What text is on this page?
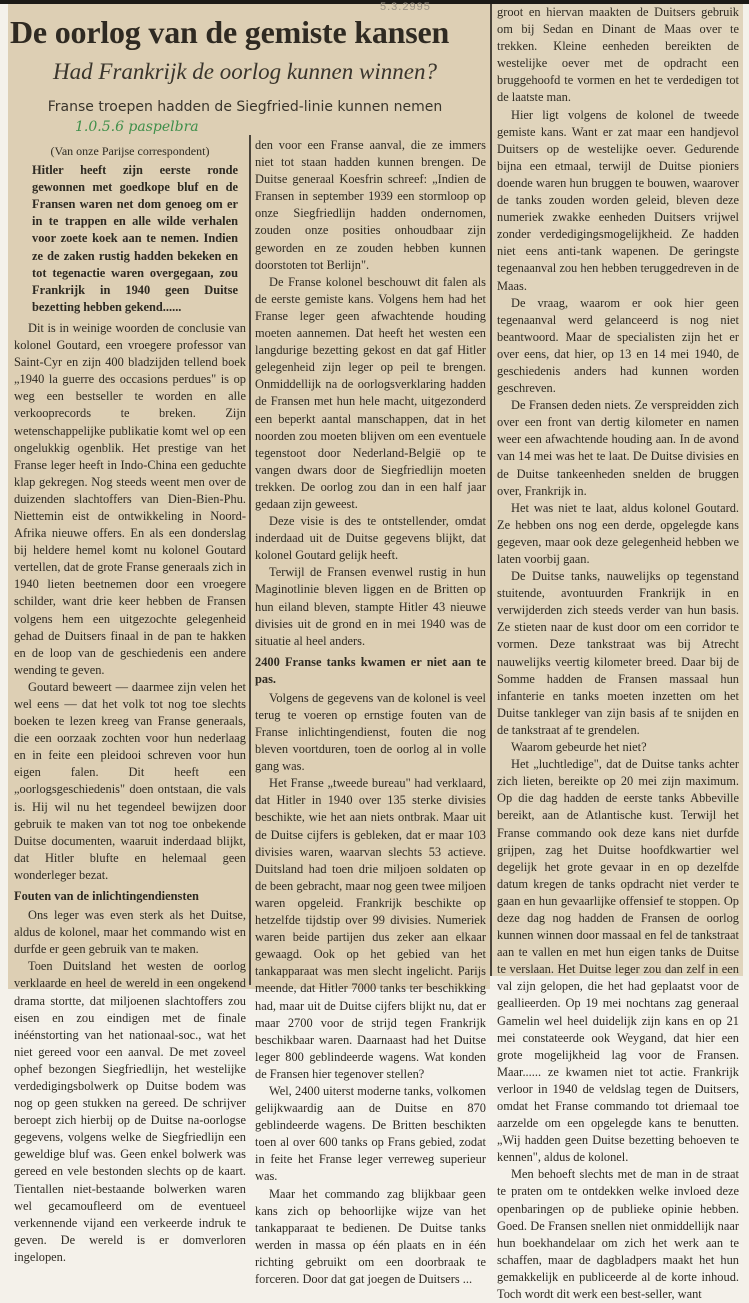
5.3.2995
De oorlog van de gemiste kansen
Had Frankrijk de oorlog kunnen winnen?
Franse troepen hadden de Siegfried-linie kunnen nemen
1.0.5.6 paspelbra
(Van onze Parijse correspondent)

Hitler heeft zijn eerste ronde gewonnen met goedkope bluf en de Fransen waren net dom genoeg om er in te trappen en alle wilde verhalen voor zoete koek aan te nemen. Indien ze de zaken rustig hadden bekeken en tot tegenactie waren overgegaan, zou Frankrijk in 1940 geen Duitse bezetting hebben gekend......

Dit is in weinige woorden de conclusie van kolonel Goutard, een vroegere professor van Saint-Cyr en zijn 400 bladzijden tellend boek „1940 la guerre des occasions perdues" is op weg een bestseller te worden en alle verkooprecords te breken. Zijn wetenschappelijke publikatie komt wel op een ongelukkig ogenblik. Het prestige van het Franse leger heeft in Indo-China een geduchte klap gekregen. Nog steeds weent men over de duizenden slachtoffers van Dien-Bien-Phu. Niettemin eist de ontwikkeling in Noord-Afrika nieuwe offers. En als een donderslag bij heldere hemel komt nu kolonel Goutard vertellen, dat de grote Franse generaals zich in 1940 lieten beetnemen door een vroegere schilder, want drie keer hebben de Fransen volgens hem een uitgezochte gelegenheid gehad de Duitsers finaal in de pan te hakken en de loop van de geschiedenis een andere wending te geven.

Goutard beweert — daarmee zijn velen het wel eens — dat het volk tot nog toe slechts boeken te lezen kreeg van Franse generaals, die een oorzaak zochten voor hun nederlaag en in feite een pleidooi schreven voor hun eigen falen. Dit heeft een „oorlogsgeschiedenis" doen ontstaan, die vals is. Hij wil nu het tegendeel bewijzen door gebruik te maken van tot nog toe onbekende Duitse documenten, waaruit inderdaad blijkt, dat Hitler blufte en helemaal geen wonderleger bezat.

Fouten van de inlichtingendiensten

Ons leger was even sterk als het Duitse, aldus de kolonel, maar het commando wist en durfde er geen gebruik van te maken.

Toen Duitsland het westen de oorlog verklaarde en heel de wereld in een ongekend drama stortte, dat miljoenen slachtoffers zou eisen en zou eindigen met de finale inéénstorting van het nationaal-soc., wat het niet gereed voor een aanval. De met zoveel ophef bezongen Siegfriedlijn, het westelijke verdedigingsbolwerk op Duitse bodem was nog op geen stukken na gereed. De schrijver beroept zich hierbij op de Duitse na-oorlogse gegevens, volgens welke de Siegfriedlijn een geweldige bluf was. Geen enkel bolwerk was gereed en vele bestonden slechts op de kaart. Tientallen niet-bestaande bolwerken waren wel gecamoufleerd om de eventueel verkennende vijand een verkeerde indruk te geven. De wereld is er domverloren ingelopen.

den voor een Franse aanval, die ze immers niet tot staan hadden kunnen brengen. De Duitse generaal Koesfrin schreef: „Indien de Fransen in september 1939 een stormloop op onze Siegfriedlijn hadden ondernomen, zouden onze posities onhoudbaar zijn geworden en ze zouden hebben kunnen doorstoten tot Berlijn".

De Franse kolonel beschouwt dit falen als de eerste gemiste kans. Volgens hem had het Franse leger geen afwachtende houding moeten aannemen. Dat heeft het westen een langdurige bezetting gekost en dat gaf Hitler gelegenheid zijn leger op peil te brengen. Onmiddellijk na de oorlogsverklaring hadden de Fransen met hun hele macht, uitgezonderd een beperkt aantal manschappen, dat in het noorden zou moeten blijven om een eventuele tegenstoot door Nederland-België op te vangen dwars door de Siegfriedlijn moeten trekken. De oorlog zou dan in een half jaar gedaan zijn geweest.

Deze visie is des te ontstellender, omdat inderdaad uit de Duitse gegevens blijkt, dat kolonel Goutard gelijk heeft.

Terwijl de Fransen evenwel rustig in hun Maginotlinie bleven liggen en de Britten op hun eiland bleven, stampte Hitler 43 nieuwe divisies uit de grond en in mei 1940 was de situatie al heel anders.

2400 Franse tanks kwamen er niet aan te pas.

Volgens de gegevens van de kolonel is veel terug te voeren op ernstige fouten van de Franse inlichtingendienst, fouten die nog bleven voortduren, toen de oorlog al in volle gang was.

Het Franse „tweede bureau" had verklaard, dat Hitler in 1940 over 135 sterke divisies beschikte, wie het aan niets ontbrak. Maar uit de Duitse cijfers is gebleken, dat er maar 103 divisies waren, waarvan slechts 53 actieve. Duitsland had toen drie miljoen soldaten op de been gebracht, maar nog geen twee miljoen waren opgeleid. Frankrijk beschikte op hetzelfde tijdstip over 99 divisies. Numeriek waren beide partijen dus zeker aan elkaar gewaagd. Ook op het gebied van het tankapparaat was men slecht ingelicht. Parijs meende, dat Hitler 7000 tanks ter beschikking had, maar uit de Duitse cijfers blijkt nu, dat er maar 2700 voor de strijd tegen Frankrijk beschikbaar waren. Daarnaast had het Duitse leger 800 geblindeerde wagens. Wat konden de Fransen hier tegenover stellen?

Wel, 2400 uiterst moderne tanks, volkomen gelijkwaardig aan de Duitse en 870 geblindeerde wagens. De Britten beschikten toen al over 600 tanks op Frans gebied, zodat in feite het Franse leger verreweg superieur was.

Maar het commando zag blijkbaar geen kans zich op behoorlijke wijze van het tankapparaat te bedienen. De Duitse tanks werden in massa op één plaats en in één richting gebruikt om een doorbraak te forceren. Door dat gat joegen de Duitsers ...

groot en hiervan maakten de Duitsers gebruik om bij Sedan en Dinant de Maas over te trekken. Kleine eenheden bereikten de westelijke oever met de opdracht een bruggehoofd te vormen en het te verdedigen tot de laatste man.

Hier ligt volgens de kolonel de tweede gemiste kans. Want er zat maar een handjevol Duitsers op de westelijke oever. Gedurende bijna een etmaal, terwijl de Duitse pioniers doende waren hun bruggen te bouwen, waarover de tanks zouden worden geleid, bleven deze numeriek zwakke eenheden Duitsers vrijwel zonder verdedigingsmogelijkheid. Ze hadden niet eens anti-tank wapenen. De geringste tegenaanval zou hen hebben teruggedreven in de Maas.

De vraag, waarom er ook hier geen tegenaanval werd gelanceerd is nog niet beantwoord. Maar de specialisten zijn het er over eens, dat hier, op 13 en 14 mei 1940, de geschiedenis anders had kunnen worden geschreven.

De Fransen deden niets. Ze verspreidden zich over een front van dertig kilometer en namen weer een afwachtende houding aan. In de avond van 14 mei was het te laat. De Duitse divisies en de Duitse tankeenheden snelden de bruggen over, Frankrijk in.

Het was niet te laat, aldus kolonel Goutard. Ze hebben ons nog een derde, opgelegde kans gegeven, maar ook deze gelegenheid hebben we laten voorbij gaan.

De Duitse tanks, nauwelijks op tegenstand stuitende, avontuurden Frankrijk in en verwijderden zich steeds verder van hun basis. Ze stieten naar de kust door om een corridor te vormen. Deze tankstraat was bij Atrecht nauwelijks veertig kilometer breed. Daar bij de Somme hadden de Fransen massaal hun infanterie en tanks moeten inzetten om het Duitse tankleger van zijn basis af te snijden en de tankstraat af te grendelen.

Waarom gebeurde het niet?

Het „luchtledige", dat de Duitse tanks achter zich lieten, bereikte op 20 mei zijn maximum. Op die dag hadden de eerste tanks Abbeville bereikt, aan de Atlantische kust. Terwijl het Franse commando ook deze kans niet durfde grijpen, zag het Duitse hoofdkwartier wel degelijk het grote gevaar in en op dezelfde datum kregen de tanks opdracht niet verder te gaan en hun gevaarlijke offensief te stoppen. Op deze dag nog hadden de Fransen de oorlog kunnen winnen door massaal en fel de tankstraat aan te vallen en met hun eigen tanks de Duitse te verslaan. Het Duitse leger zou dan zelf in een val zijn gelopen, die het had geplaatst voor de geallieerden. Op 19 mei nochtans zag generaal Gamelin wel heel duidelijk zijn kans en op 21 mei constateerde ook Weygand, dat hier een grote mogelijkheid lag voor de Fransen. Maar...... ze kwamen niet tot actie. Frankrijk verloor in 1940 de veldslag tegen de Duitsers, omdat het Franse commando tot driemaal toe aarzelde om een opgelegde kans te benutten. „Wij hadden geen Duitse bezetting behoeven te kennen", aldus de kolonel.

Men behoeft slechts met de man in de straat te praten om te ontdekken welke invloed deze openbaringen op de publieke opinie hebben. Goed. De Fransen snellen niet onmiddellijk naar hun boekhandelaar om zich het werk aan te schaffen, maar de dagbladpers maakt het hun gemakkelijk en publiceerde al de korte inhoud. Toch wordt dit werk een best-seller, want
